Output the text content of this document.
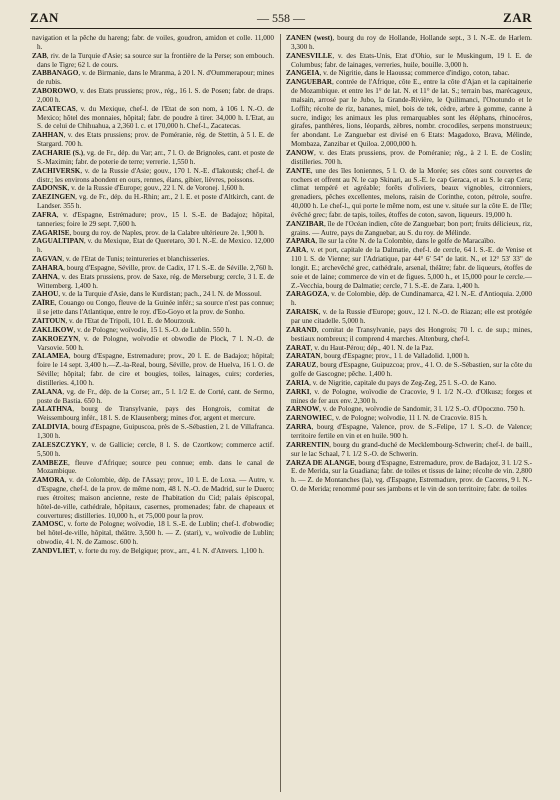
ZAN	— 558 —	ZAR

navigation et la pêche du hareng; fabr. de voiles, goudron, amidon et colle. 11,000 h.

ZAB, riv. de la Turquie d'Asie; sa source sur la frontière de la Perse; son embouch. dans le Tigre; 62 l. de cours.

ZABBANAGO, v. de Birmanie, dans le Mranma, à 20 l. N. d'Oummerapour; mines de rubis.

ZABOROWO, v. des Etats prussiens; prov., rég., 16 l. S. de Posen; fabr. de draps. 2,000 h.

ZACATECAS, v. du Mexique, chef-l. de l'Etat de son nom, à 106 l. N.-O. de Mexico; hôtel des monnaies, hôpital; fabr. de poudre à tirer. 34,000 h. L'Etat, au S. de celui de Chihuahua, a 2,360 l. c. et 170,000 h. Chef-l., Zacatecas.

ZAHHAN, v. des Etats prussiens; prov. de Poméranie, rég. de Stettin, à 5 l. E. de Stargard. 700 h.

ZACHARIE (S.), vg. de Fr., dép. du Var; arr., 7 l. O. de Brignoles, cant. et poste de S.-Maximin; fabr. de poterie de terre; verrerie. 1,550 h.

ZACHIVERSK, v. de la Russie d'Asie; gouv., 170 l. N.-E. d'Iakoutsk; chef-l. de distr.; les environs abondent en ours, rennes, élans, gibier, lièvres, poissons.

ZADONSK, v. de la Russie d'Europe; gouv., 22 l. N. de Voronej. 1,600 h.

ZAEZINGEN, vg. de Fr., dép. du H.-Rhin; arr., 2 l. E. et poste d'Altkirch, cant. de Landser. 355 h.

ZAFRA, v. d'Espagne, Estrémadure; prov., 15 l. S.-E. de Badajoz; hôpital, tanneries; foire le 29 sept. 7,600 h.

ZAGARISE, bourg du roy. de Naples, prov. de la Calabre ultérieure 2e. 1,900 h.

ZAGUALTIPAN, v. du Mexique, Etat de Queretaro, 30 l. N.-E. de Mexico. 12,000 h.

ZAGVAN, v. de l'Etat de Tunis; teintureries et blanchisseries.

ZAHARA, bourg d'Espagne, Séville, prov. de Cadix, 17 l. S.-E. de Séville. 2,760 h.

ZAHNA, v. des Etats prussiens, prov. de Saxe, rég. de Merseburg; cercle, 3 l. E. de Wittemberg. 1,400 h.

ZAHOU, v. de la Turquie d'Asie, dans le Kurdistan; pach., 24 l. N. de Mossoul.

ZAÏRE, Couango ou Congo, fleuve de la Guinée infér.; sa source n'est pas connue; il se jette dans l'Atlantique, entre le roy. d'Eo-Goyo et la prov. de Sonho.

ZAITOUN, v. de l'Etat de Tripoli, 10 l. E. de Mourzouk.

ZAKLIKOW, v. de Pologne; woïvodie, 15 l. S.-O. de Lublin. 550 h.

ZAKROEZYN, v. de Pologne, woïvodie et obwodie de Plock, 7 l. N.-O. de Varsovie. 500 h.

ZALAMEA, bourg d'Espagne, Estremadure; prov., 20 l. E. de Badajoz; hôpital; foire le 14 sept. 3,400 h.—Z.-la-Real, bourg, Séville, prov. de Huelva, 16 l. O. de Séville; hôpital; fabr. de cire et bougies, toiles, lainages, cuirs; corderies, distilleries. 4,100 h.

ZALANA, vg. de Fr., dép. de la Corse; arr., 5 l. 1/2 E. de Corté, cant. de Sermo, poste de Bastia. 650 h.

ZALATHNA, bourg de Transylvanie, pays des Hongrois, comitat de Weissembourg infér., 18 l. S. de Klausenberg; mines d'or, argent et mercure.

ZALDIVIA, bourg d'Espagne, Guipuscoa, près de S.-Sébastien, 2 l. de Villafranca. 1,300 h.

ZALESZCZYKY, v. de Gallicie; cercle, 8 l. S. de Czortkow; commerce actif. 5,500 h.

ZAMBEZE, fleuve d'Afrique; source peu connue; emb. dans le canal de Mozambique.

ZAMORA, v. de Colombie, dép. de l'Assay; prov., 10 l. E. de Loxa. — Autre, v. d'Espagne, chef-l. de la prov. de même nom, 48 l. N.-O. de Madrid, sur le Duero; rues étroites; maison ancienne, reste de l'habitation du Cid; palais épiscopal, hôtel-de-ville, cathédrale, hôpitaux, casernes, promenades; fabr. de chapeaux et couvertures; distilleries. 10,000 h., et 75,000 pour la prov.

ZAMOSC, v. forte de Pologne; woïvodie, 18 l. S.-E. de Lublin; chef-l. d'obwodie; bel hôtel-de-ville, hôpital, théâtre. 3,500 h. — Z. (stari), v., woïvodie de Lublin; obwodie, 4 l. N. de Zamosc. 600 h.

ZANDVLIET, v. forte du roy. de Belgique; prov., arr., 4 l. N. d'Anvers. 1,100 h.

ZANEN (west), bourg du roy de Hollande, Hollande sept., 3 l. N.-E. de Harlem. 3,300 h.

ZANESVILLE, v. des Etats-Unis, Etat d'Ohio, sur le Muskingum, 19 l. E. de Columbus; fabr. de lainages, verreries, huile, bouille. 3,000 h.

ZANGEIA, v. de Nigritie, dans le Haoussa; commerce d'indigo, coton, tabac.

ZANGUEBAR, contrée de l'Afrique, côte E., entre la côte d'Ajan et la capitainerie de Mozambique. et entre les 1° de lat. N. et 11° de lat. S.; terrain bas, marécageux, malsain, arrosé par le Jubo, la Grande-Rivière, le Quilimanci, l'Onotundo et le Loffih; récolte de riz, bananes, miel, bois de tek, cèdre, arbre à gomme, canne à sucre, indigo; les animaux les plus remarquables sont les éléphans, rhinocéros, girafes, panthères, lions, léopards, zèbres, nombr. crocodiles, serpens monstrueux; fer abondant. Le Zanguebar est divisé en 6 Etats: Magadoxo, Brava, Mélinde, Mombaza, Zanzibar et Quiloa. 2,000,000 h.

ZANOW, v. des Etats prussiens, prov. de Poméranie; rég., à 2 l. E. de Coslin; distilleries. 700 h.

ZANTE, une des îles Ioniennes, 5 l. O. de la Morée; ses côtes sont couvertes de rochers et offrent au N. le cap Skinari, au S.-E. le cap Geraca, et au S. le cap Cera; climat tempéré et agréable; forêts d'oliviers, beaux vignobles, citronniers, grenadiers, pêches excellentes, melons, raisin de Corinthe, coton, pétrole, soufre. 40,000 h. Le chef-l., qui porte le même nom, est une v. située sur la côte E. de l'île; évêché grec; fabr. de tapis, toiles, étoffes de coton, savon, liqueurs. 19,000 h.

ZANZIBAR, île de l'Océan indien, côte de Zanguebar; bon port; fruits délicieux, riz, grains. — Autre, pays du Zanguebar, au S. du roy. de Mélinde.

ZAPARA, île sur la côte N. de la Colombie, dans le golfe de Maracaïbo.

ZARA, v. et port, capitale de la Dalmatie, chef-l. de cercle, 64 l. S.-E. de Venise et 110 l. S. de Vienne; sur l'Adriatique, par 44° 6' 54" de latit. N., et 12° 53' 33" de longit. E.; archevêché grec, cathédrale, arsenal, théâtre; fabr. de liqueurs, étoffes de soie et de laine; commerce de vin et de figues. 5,000 h., et 15,000 pour le cercle.—Z.-Vecchia, bourg de Dalmatie; cercle, 7 l. S.-E. de Zara. 1,400 h.

ZARAGOZA, v. de Colombie, dép. de Cundinamarca, 42 l. N.-E. d'Antioquia. 2,000 h.

ZARAISK, v. de la Russie d'Europe; gouv., 12 l. N.-O. de Riazan; elle est protégée par une citadelle. 5,000 h.

ZARAND, comitat de Transylvanie, pays des Hongrois; 70 l. c. de sup.; mines, bestiaux nombreux; il comprend 4 marches. Altenburg, chef-l.

ZARAT, v. du Haut-Pérou; dép., 40 l. N. de la Paz.

ZARATAN, bourg d'Espagne; prov., 1 l. de Valladolid. 1,000 h.

ZARAUZ, bourg d'Espagne, Guipuzcoa; prov., 4 l. O. de S.-Sébastien, sur la côte du golfe de Gascogne; pêche. 1,400 h.

ZARIA, v. de Nigritie, capitale du pays de Zeg-Zeg, 25 l. S.-O. de Kano.

ZARKI, v. de Pologne, woïvodie de Cracovie, 9 l. 1/2 N.-O. d'Olkusz; forges et mines de fer aux env. 2,300 h.

ZARNOW, v. de Pologne, woïvodie de Sandomir, 3 l. 1/2 S.-O. d'Opoczno. 750 h.

ZARNOWIEC, v. de Pologne; woïvodie, 11 l. N. de Cracovie. 815 h.

ZARRA, bourg d'Espagne, Valence, prov. de S.-Felipe, 17 l. S.-O. de Valence; territoire fertile en vin et en huile. 900 h.

ZARRENTIN, bourg du grand-duché de Mecklembourg-Schwerin; chef-l. de baill., sur le lac Schaal, 7 l. 1/2 S.-O. de Schwerin.

ZARZA DE ALANGE, bourg d'Espagne, Estremadure, prov. de Badajoz, 3 l. 1/2 S.-E. de Merida, sur la Guadiana; fabr. de toiles et tissus de laine; récolte de vin. 2,800 h. — Z. de Montanches (la), vg. d'Espagne, Estremadure, prov. de Caceres, 9 l. N.-O. de Merida; renommé pour ses jambons et le vin de son territoire; fabr. de toiles
